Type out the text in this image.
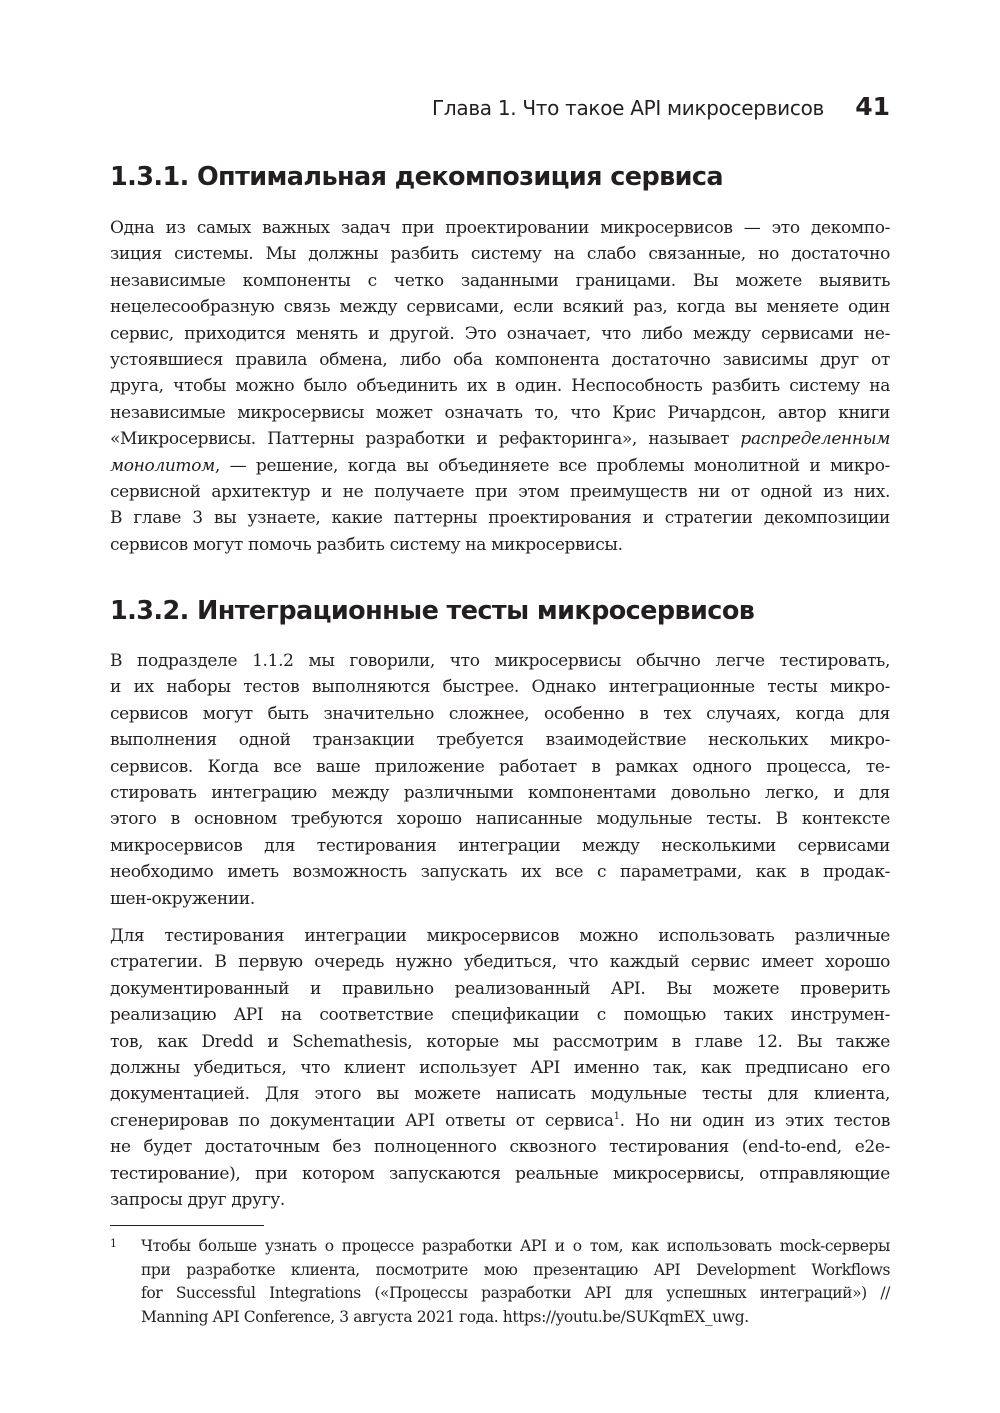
Глава 1. Что такое API микросервисов 41
1.3.1. Оптимальная декомпозиция сервиса
Одна из самых важных задач при проектировании микросервисов — это декомпо-
зиция системы. Мы должны разбить систему на слабо связанные, но достаточно
независимые компоненты с четко заданными границами. Вы можете выявить
нецелесообразную связь между сервисами, если всякий раз, когда вы меняете один
сервис, приходится менять и другой. Это означает, что либо между сервисами не-
устоявшиеся правила обмена, либо оба компонента достаточно зависимы друг от
друга, чтобы можно было объединить их в один. Неспособность разбить систему на
независимые микросервисы может означать то, что Крис Ричардсон, автор книги
«Микросервисы. Паттерны разработки и рефакторинга», называет распределенным
монолитом, — решение, когда вы объединяете все проблемы монолитной и микро-
сервисной архитектур и не получаете при этом преимуществ ни от одной из них.
В главе 3 вы узнаете, какие паттерны проектирования и стратегии декомпозиции
сервисов могут помочь разбить систему на микросервисы.
1.3.2. Интеграционные тесты микросервисов
В подразделе 1.1.2 мы говорили, что микросервисы обычно легче тестировать,
и их наборы тестов выполняются быстрее. Однако интеграционные тесты микро-
сервисов могут быть значительно сложнее, особенно в тех случаях, когда для
выполнения одной транзакции требуется взаимодействие нескольких микро-
сервисов. Когда все ваше приложение работает в рамках одного процесса, те-
стировать интеграцию между различными компонентами довольно легко, и для
этого в основном требуются хорошо написанные модульные тесты. В контексте
микросервисов для тестирования интеграции между несколькими сервисами
необходимо иметь возможность запускать их все с параметрами, как в продак-
шен-окружении.
Для тестирования интеграции микросервисов можно использовать различные
стратегии. В первую очередь нужно убедиться, что каждый сервис имеет хорошо
документированный и правильно реализованный API. Вы можете проверить
реализацию API на соответствие спецификации с помощью таких инструмен-
тов, как Dredd и Schemathesis, которые мы рассмотрим в главе 12. Вы также
должны убедиться, что клиент использует API именно так, как предписано его
документацией. Для этого вы можете написать модульные тесты для клиента,
сгенерировав по документации API ответы от сервиса$^1$. Но ни один из этих тестов
не будет достаточным без полноценного сквозного тестирования (end-to-end, e2e-
тестирование), при котором запускаются реальные микросервисы, отправляющие
запросы друг другу.
1 Чтобы больше узнать о процессе разработки API и о том, как использовать mock-серверы
при разработке клиента, посмотрите мою презентацию API Development Workflows
for Successful Integrations («Процессы разработки API для успешных интеграций») //
Manning API Conference, 3 августа 2021 года. https://youtu.be/SUKqmEX_uwg.
